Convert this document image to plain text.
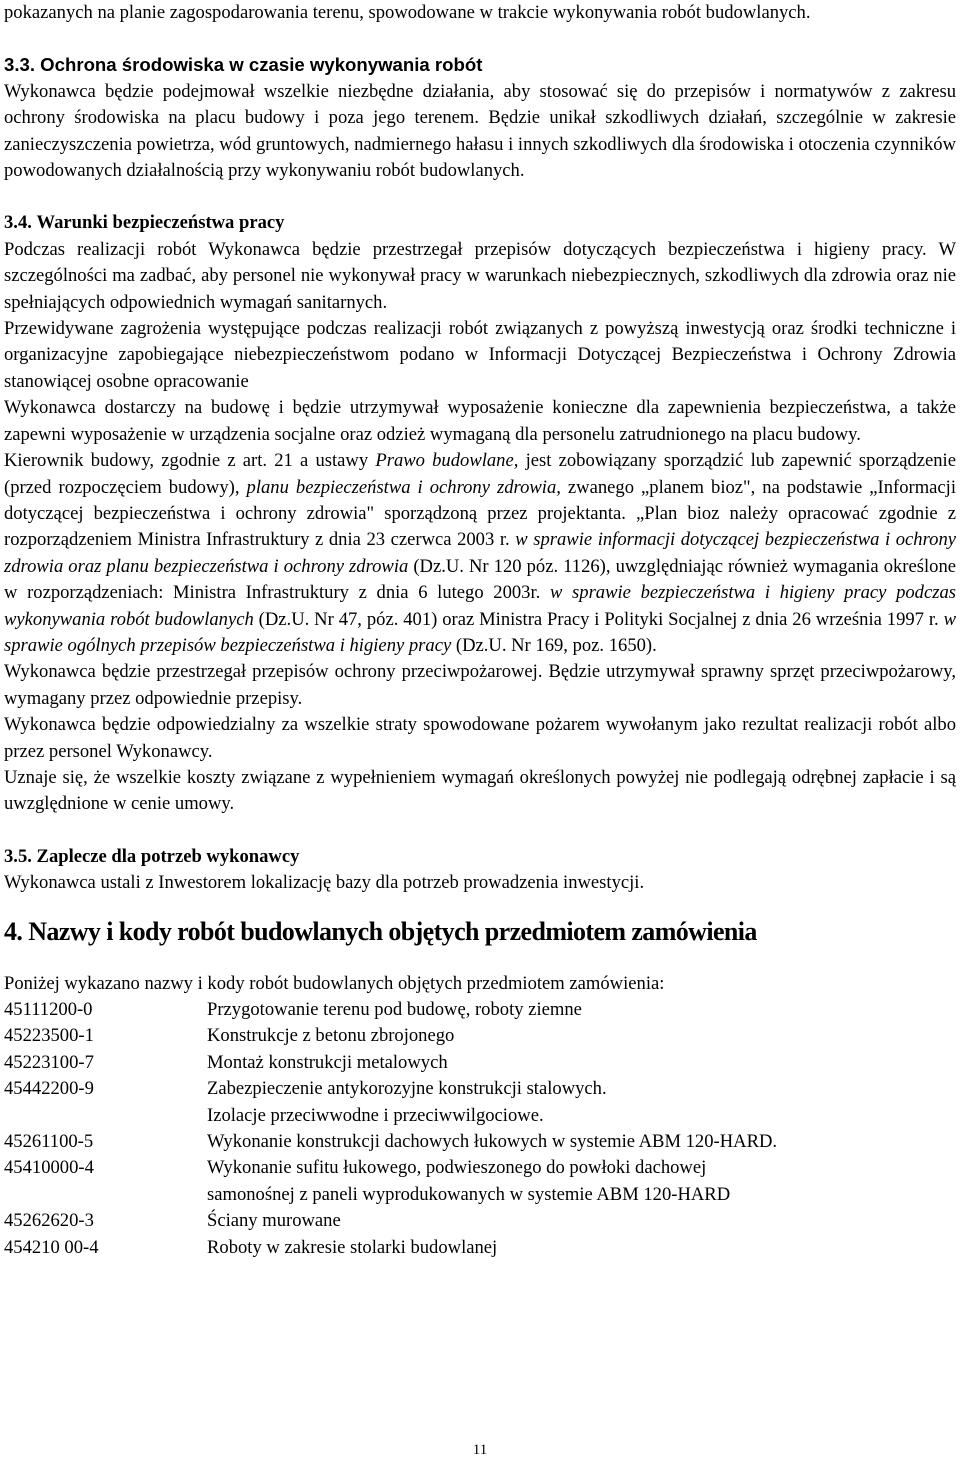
pokazanych na planie zagospodarowania terenu, spowodowane w trakcie wykonywania robót budowlanych.

3.3. Ochrona środowiska w czasie wykonywania robót

Wykonawca będzie podejmował wszelkie niezbędne działania, aby stosować się do przepisów i normatywów z zakresu ochrony środowiska na placu budowy i poza jego terenem. Będzie unikał szkodliwych działań, szczególnie w zakresie zanieczyszczenia powietrza, wód gruntowych, nadmiernego hałasu i innych szkodliwych dla środowiska i otoczenia czynników powodowanych działalnością przy wykonywaniu robót budowlanych.

3.4. Warunki bezpieczeństwa pracy

Podczas realizacji robót Wykonawca będzie przestrzegał przepisów dotyczących bezpieczeństwa i higieny pracy. W szczególności ma zadbać, aby personel nie wykonywał pracy w warunkach niebezpiecznych, szkodliwych dla zdrowia oraz nie spełniających odpowiednich wymagań sanitarnych.

Przewidywane zagrożenia występujące podczas realizacji robót związanych z powyższą inwestycją oraz środki techniczne i organizacyjne zapobiegające niebezpieczeństwom podano w Informacji Dotyczącej Bezpieczeństwa i Ochrony Zdrowia stanowiącej osobne opracowanie

Wykonawca dostarczy na budowę i będzie utrzymywał wyposażenie konieczne dla zapewnienia bezpieczeństwa, a także zapewni wyposażenie w urządzenia socjalne oraz odzież wymaganą dla personelu zatrudnionego na placu budowy.

Kierownik budowy, zgodnie z art. 21 a ustawy Prawo budowlane, jest zobowiązany sporządzić lub zapewnić sporządzenie (przed rozpoczęciem budowy), planu bezpieczeństwa i ochrony zdrowia, zwanego „planem bioz", na podstawie „Informacji dotyczącej bezpieczeństwa i ochrony zdrowia" sporządzoną przez projektanta. „Plan bioz należy opracować zgodnie z rozporządzeniem Ministra Infrastruktury z dnia 23 czerwca 2003 r. w sprawie informacji dotyczącej bezpieczeństwa i ochrony zdrowia oraz planu bezpieczeństwa i ochrony zdrowia (Dz.U. Nr 120 póz. 1126), uwzględniając również wymagania określone w rozporządzeniach: Ministra Infrastruktury z dnia 6 lutego 2003r. w sprawie bezpieczeństwa i higieny pracy podczas wykonywania robót budowlanych (Dz.U. Nr 47, póz. 401) oraz Ministra Pracy i Polityki Socjalnej z dnia 26 września 1997 r. w sprawie ogólnych przepisów bezpieczeństwa i higieny pracy (Dz.U. Nr 169, poz. 1650).

Wykonawca będzie przestrzegał przepisów ochrony przeciwpożarowej. Będzie utrzymywał sprawny sprzęt przeciwpożarowy, wymagany przez odpowiednie przepisy.

Wykonawca będzie odpowiedzialny za wszelkie straty spowodowane pożarem wywołanym jako rezultat realizacji robót albo przez personel Wykonawcy.

Uznaje się, że wszelkie koszty związane z wypełnieniem wymagań określonych powyżej nie podlegają odrębnej zapłacie i są uwzględnione w cenie umowy.

3.5. Zaplecze dla potrzeb wykonawcy

Wykonawca ustali z Inwestorem lokalizację bazy dla potrzeb prowadzenia inwestycji.

4. Nazwy i kody robót budowlanych objętych przedmiotem zamówienia

Poniżej wykazano nazwy i kody robót budowlanych objętych przedmiotem zamówienia:

45111200-0	Przygotowanie terenu pod budowę, roboty ziemne
45223500-1	Konstrukcje z betonu zbrojonego
45223100-7	Montaż konstrukcji metalowych
45442200-9	Zabezpieczenie antykorozyjne konstrukcji stalowych.
Izolacje przeciwwodne i przeciwwilgociowe.
45261100-5	Wykonanie konstrukcji dachowych łukowych w systemie ABM 120-HARD.
45410000-4	Wykonanie sufitu łukowego, podwieszonego do powłoki dachowej
samonośnej z paneli wyprodukowanych w systemie ABM 120-HARD
45262620-3	Ściany murowane
454210 00-4	Roboty w zakresie stolarki budowlanej
11
